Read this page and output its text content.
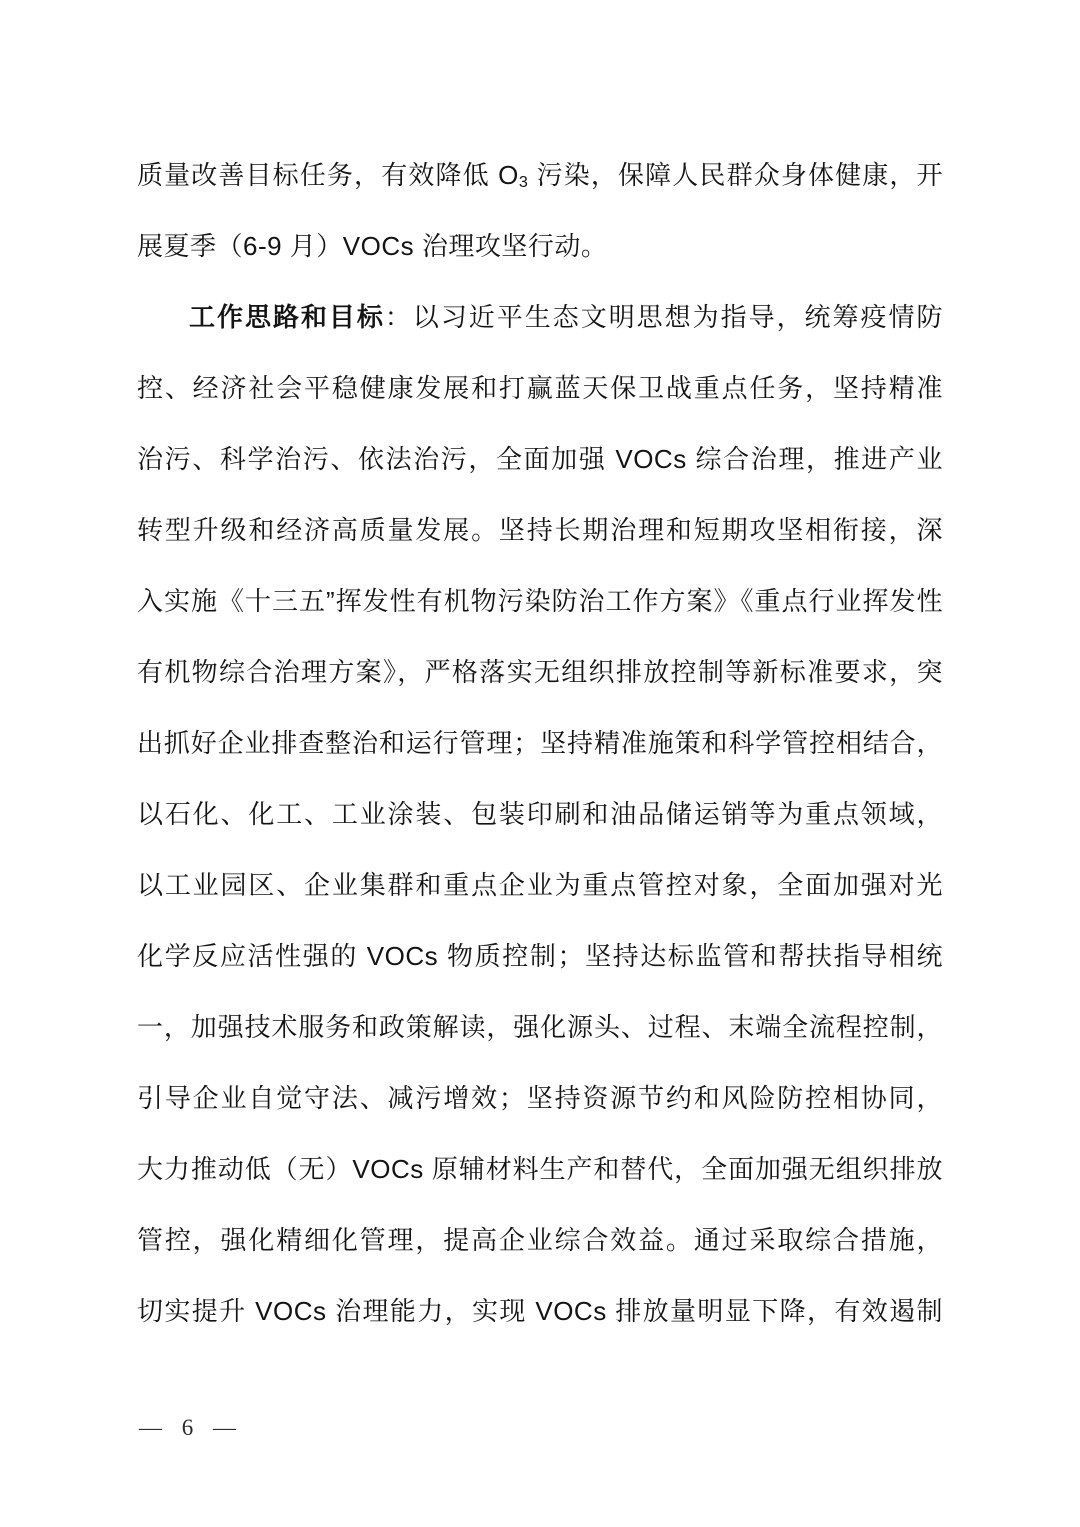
质量改善目标任务，有效降低 $O_3$ 污染，保障人民群众身体健康，开
展夏季（6-9 月）VOCs 治理攻坚行动。
工作思路和目标：以习近平生态文明思想为指导，统筹疫情防
控、经济社会平稳健康发展和打赢蓝天保卫战重点任务，坚持精准
治污、科学治污、依法治污，全面加强 VOCs 综合治理，推进产业
转型升级和经济高质量发展。坚持长期治理和短期攻坚相衔接，深
入实施《十三五”挥发性有机物污染防治工作方案》《重点行业挥发性
有机物综合治理方案》，严格落实无组织排放控制等新标准要求，突
出抓好企业排查整治和运行管理；坚持精准施策和科学管控相结合，
以石化、化工、工业涂装、包装印刷和油品储运销等为重点领域，
以工业园区、企业集群和重点企业为重点管控对象，全面加强对光
化学反应活性强的 VOCs 物质控制；坚持达标监管和帮扶指导相统
一，加强技术服务和政策解读，强化源头、过程、末端全流程控制，
引导企业自觉守法、减污增效；坚持资源节约和风险防控相协同，
大力推动低（无）VOCs 原辅材料生产和替代，全面加强无组织排放
管控，强化精细化管理，提高企业综合效益。通过采取综合措施，
切实提升 VOCs 治理能力，实现 VOCs 排放量明显下降，有效遏制
— 6 —
